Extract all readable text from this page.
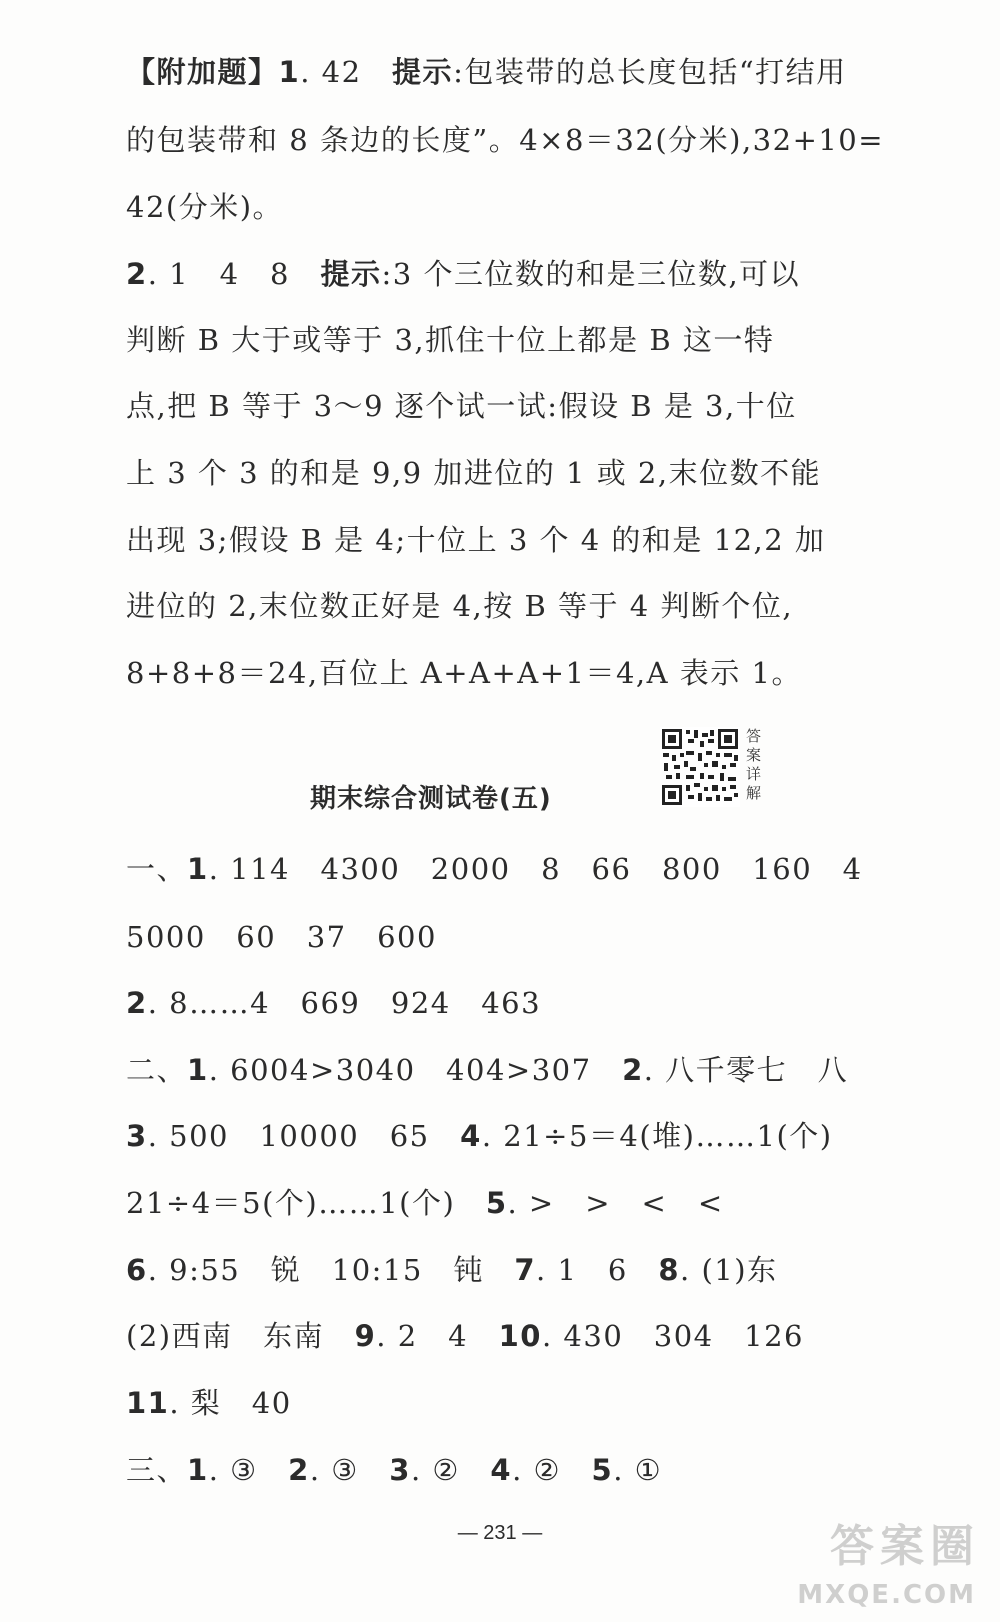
【附加题】1. 42　提示:包装带的总长度包括“打结用
的包装带和 8 条边的长度”。4×8＝32(分米),32+10=
42(分米)。
2. 1　4　8　提示:3 个三位数的和是三位数,可以
判断 B 大于或等于 3,抓住十位上都是 B 这一特
点,把 B 等于 3～9 逐个试一试:假设 B 是 3,十位
上 3 个 3 的和是 9,9 加进位的 1 或 2,末位数不能
出现 3;假设 B 是 4;十位上 3 个 4 的和是 12,2 加
进位的 2,末位数正好是 4,按 B 等于 4 判断个位,
8+8+8＝24,百位上 A+A+A+1＝4,A 表示 1。
期末综合测试卷(五)
答案详解
一、1. 114　4300　2000　8　66　800　160　4
5000　60　37　600
2. 8……4　669　924　463
二、1. 6004>3040　404>307　2. 八千零七　八
3. 500　10000　65　4. 21÷5＝4(堆)……1(个)
21÷4＝5(个)……1(个)　5. >　>　<　<
6. 9:55　锐　10:15　钝　7. 1　6　8. (1)东
(2)西南　东南　9. 2　4　10. 430　304　126
11. 梨　40
三、1. ③　2. ③　3. ②　4. ②　5. ①
— 231 —	答案圈
MXQE.COM
